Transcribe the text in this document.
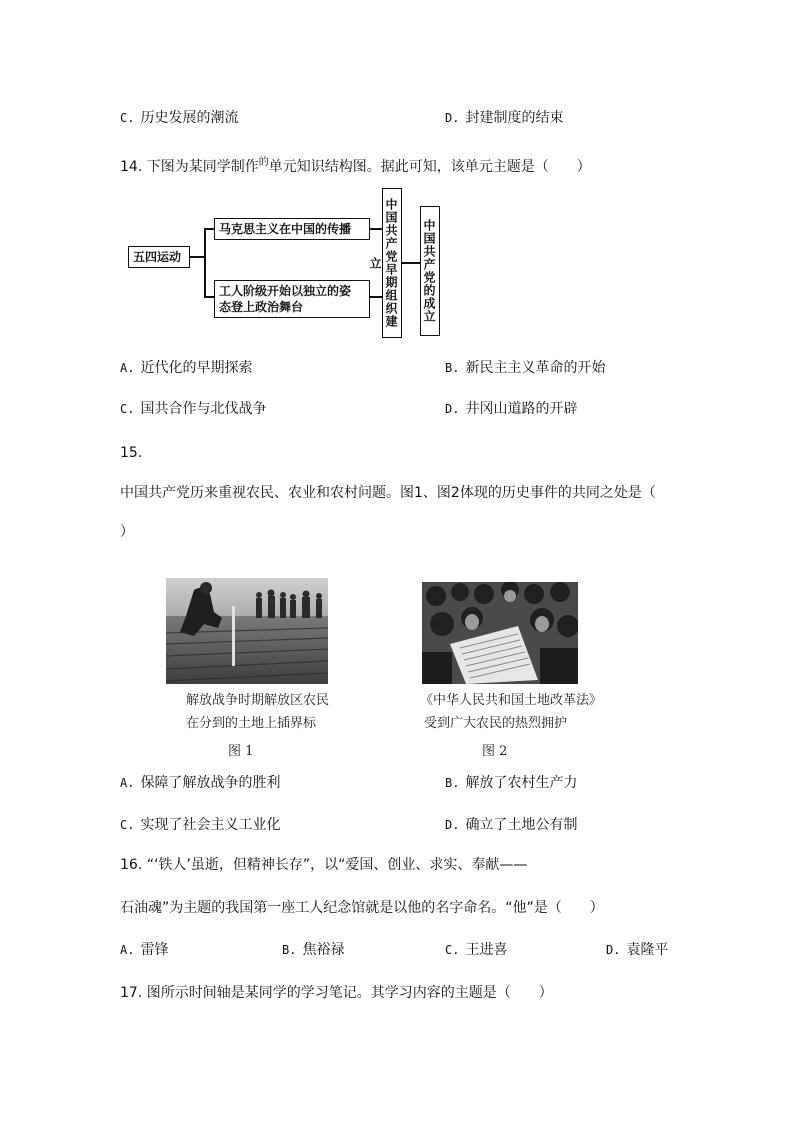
C. 历史发展的潮流	D. 封建制度的结束
14. 下图为某同学制作$^的$单元知识结构图。据此可知，该单元主题是（　　）
五四运动
马克思主义在中国的传播
工人阶级开始以独立的姿
态登上政治舞台	中国共产党早期组织建立	中国共产党的成立
A. 近代化的早期探索	B. 新民主主义革命的开始
C. 国共合作与北伐战争	D. 井冈山道路的开辟
15.
中国共产党历来重视农民、农业和农村问题。图1、图2体现的历史事件的共同之处是（
）
解放战争时期解放区农民
在分到的土地上插界标
图 1
《中华人民共和国土地改革法》
受到广大农民的热烈拥护
图 2
A. 保障了解放战争的胜利	B. 解放了农村生产力
C. 实现了社会主义工业化	D. 确立了土地公有制
16. “‘铁人’虽逝，但精神长存”，以“爱国、创业、求实、奉献——
石油魂”为主题的我国第一座工人纪念馆就是以他的名字命名。“他”是（　　）
A. 雷锋	B. 焦裕禄	C. 王进喜	D. 袁隆平
17. 图所示时间轴是某同学的学习笔记。其学习内容的主题是（　　）
